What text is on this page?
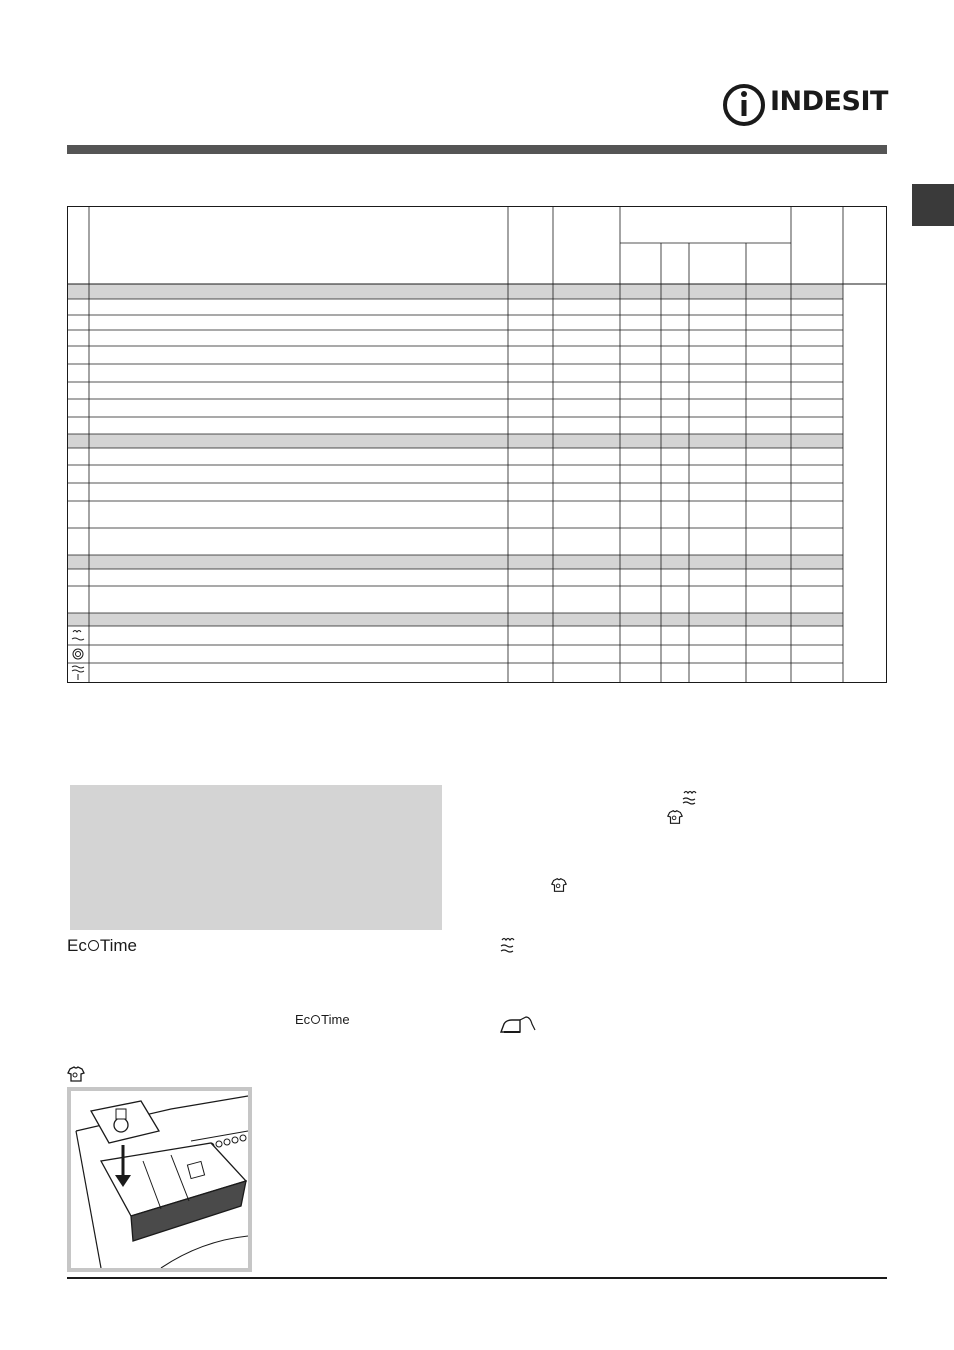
INDESIT
Ec Time
Ec Time
